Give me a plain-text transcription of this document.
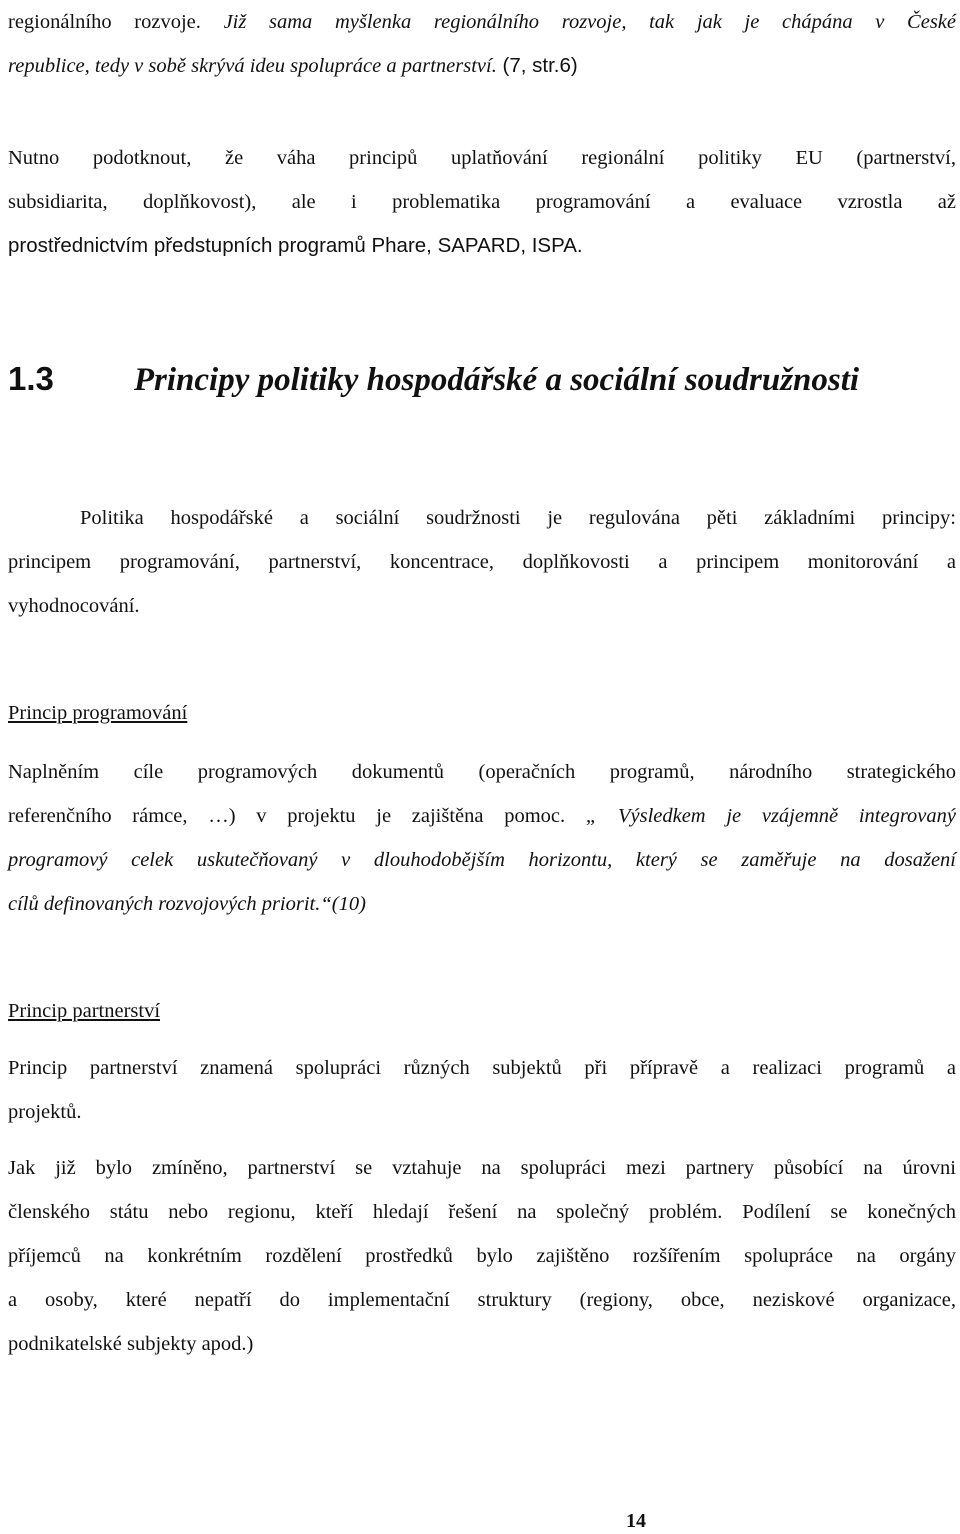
regionálního rozvoje. Již sama myšlenka regionálního rozvoje, tak jak je chápána v České
republice, tedy v sobě skrývá ideu spolupráce a partnerství. (7, str.6)
Nutno podotknout, že váha principů uplatňování regionální politiky EU (partnerství,
subsidiarita, doplňkovost), ale i problematika programování a evaluace vzrostla až
prostřednictvím předstupních programů Phare, SAPARD, ISPA.
1.3 Principy politiky hospodářské a sociální soudružnosti
Politika hospodářské a sociální soudržnosti je regulována pěti základními principy:
principem programování, partnerství, koncentrace, doplňkovosti a principem monitorování a
vyhodnocování.
Princip programování
Naplněním cíle programových dokumentů (operačních programů, národního strategického
referenčního rámce, …) v projektu je zajištěna pomoc. „ Výsledkem je vzájemně integrovaný
programový celek uskutečňovaný v dlouhodobějším horizontu, který se zaměřuje na dosažení
cílů definovaných rozvojových priorit.“(10)
Princip partnerství
Princip partnerství znamená spolupráci různých subjektů při přípravě a realizaci programů a
projektů.
Jak již bylo zmíněno, partnerství se vztahuje na spolupráci mezi partnery působící na úrovni
členského státu nebo regionu, kteří hledají řešení na společný problém. Podílení se konečných
příjemců na konkrétním rozdělení prostředků bylo zajištěno rozšířením spolupráce na orgány
a osoby, které nepatří do implementační struktury (regiony, obce, neziskové organizace,
podnikatelské subjekty apod.)
14
